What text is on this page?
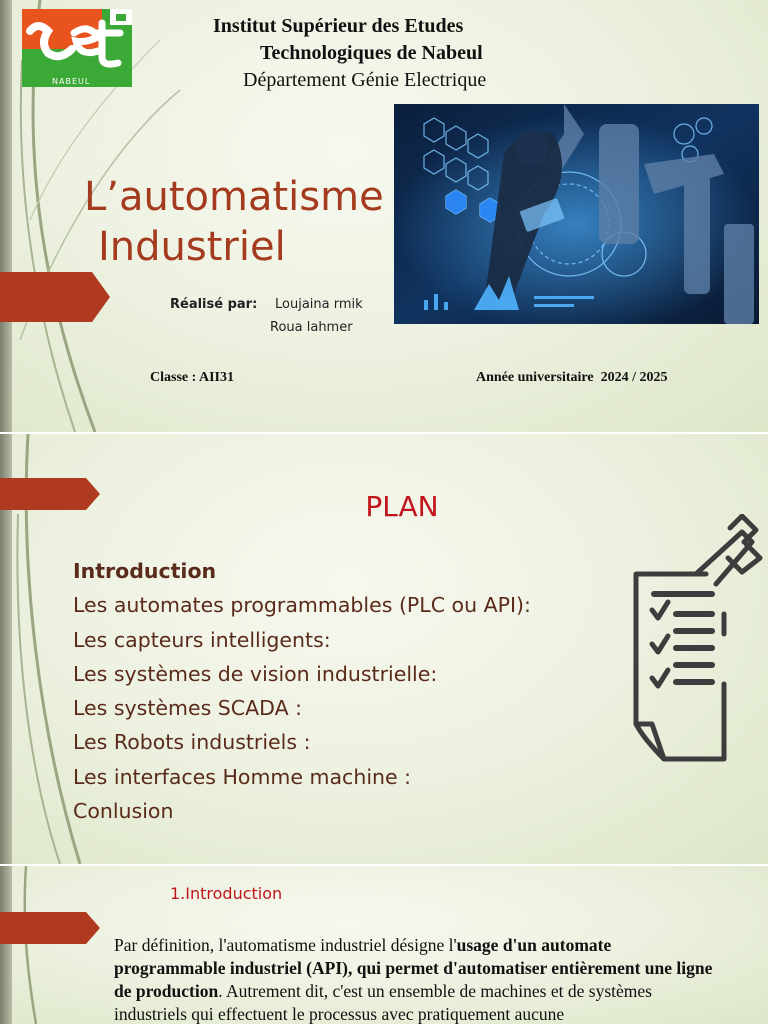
NABEUL
Institut Supérieur des Etudes
Technologiques de Nabeul
Département Génie Electrique
L’automatisme
Industriel
Réalisé par: Loujaina rmik
Roua lahmer
Classe : AII31	Année universitaire  2024 / 2025
PLAN
Introduction
Les automates programmables (PLC ou API):
Les capteurs intelligents:
Les systèmes de vision industrielle:
Les systèmes SCADA :
Les Robots industriels :
Les interfaces Homme machine :
Conlusion
1.Introduction
Par définition, l'automatisme industriel désigne l'usage d'un automate programmable industriel (API), qui permet d'automatiser entièrement une ligne de production. Autrement dit, c'est un ensemble de machines et de systèmes industriels qui effectuent le processus avec pratiquement aucune
